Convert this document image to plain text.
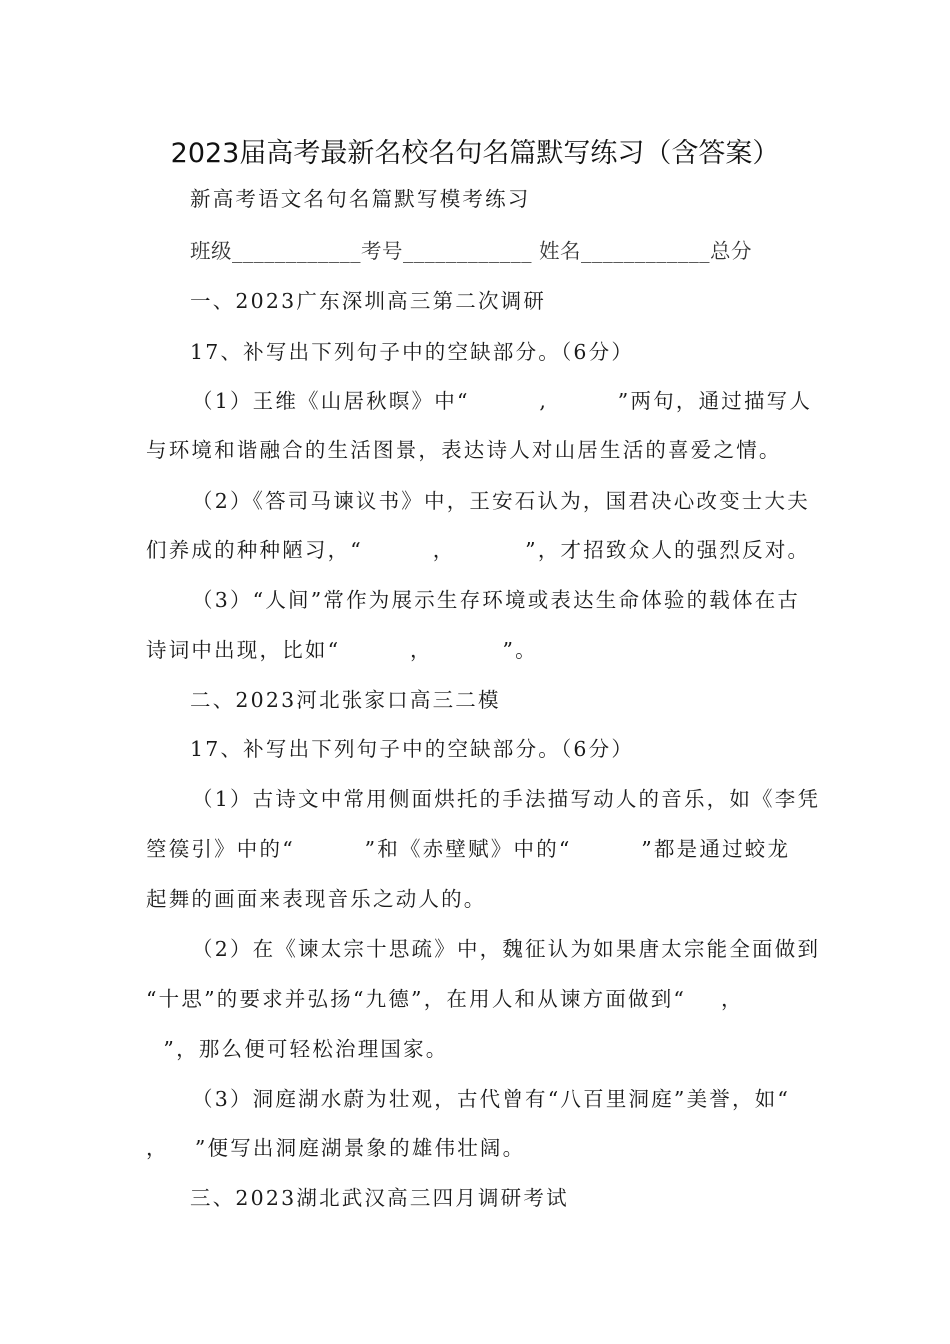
2023届高考最新名校名句名篇默写练习（含答案）
新高考语文名句名篇默写模考练习
班级____________考号____________ 姓名____________总分
一、2023广东深圳高三第二次调研
17、补写出下列句子中的空缺部分。（6分）
（1）王维《山居秋暝》中“        ,        ”两句，通过描写人
与环境和谐融合的生活图景，表达诗人对山居生活的喜爱之情。
（2）《答司马谏议书》中，王安石认为，国君决心改变士大夫
们养成的种种陋习，“        ，        ”，才招致众人的强烈反对。
（3）“人间”常作为展示生存环境或表达生命体验的载体在古
诗词中出现，比如“        ，        ”。
二、2023河北张家口高三二模
17、补写出下列句子中的空缺部分。（6分）
（1）古诗文中常用侧面烘托的手法描写动人的音乐，如《李凭
箜篌引》中的“        ”和《赤壁赋》中的“        ”都是通过蛟龙
起舞的画面来表现音乐之动人的。
（2）在《谏太宗十思疏》中，魏征认为如果唐太宗能全面做到
“十思”的要求并弘扬“九德”，在用人和从谏方面做到“    ，
”，那么便可轻松治理国家。
（3）洞庭湖水蔚为壮观，古代曾有“八百里洞庭”美誉，如“
，   ”便写出洞庭湖景象的雄伟壮阔。
三、2023湖北武汉高三四月调研考试
